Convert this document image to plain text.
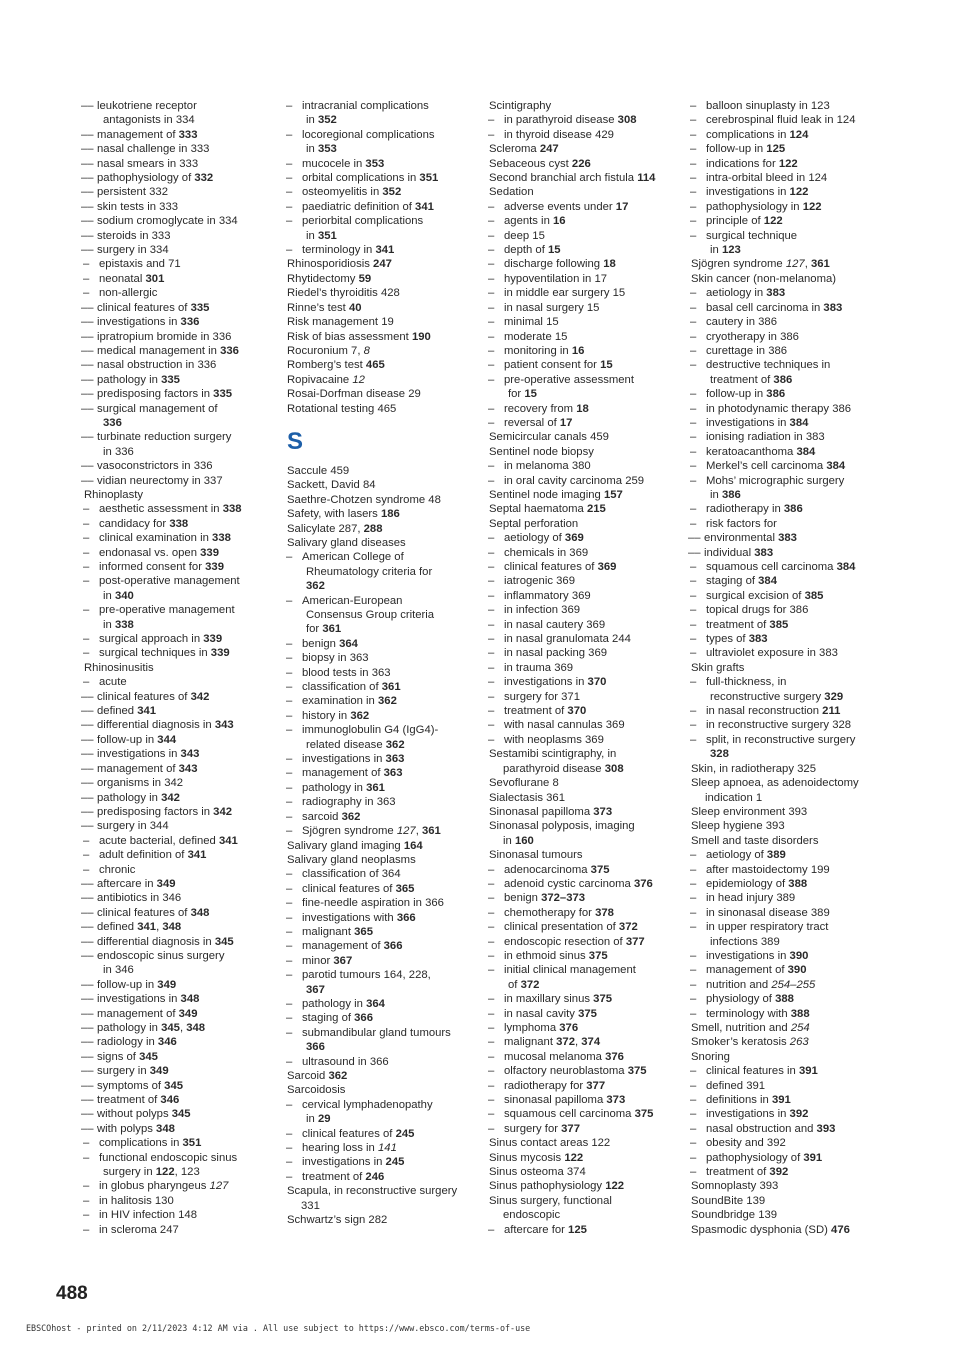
–– leukotriene receptor
antagonists in 334
–– management of 333
–– nasal challenge in 333
–– nasal smears in 333
–– pathophysiology of 332
–– persistent 332
–– skin tests in 333
–– sodium cromoglycate in 334
–– steroids in 333
–– surgery in 334
– epistaxis and 71
– neonatal 301
– non-allergic
–– clinical features of 335
–– investigations in 336
–– ipratropium bromide in 336
–– medical management in 336
–– nasal obstruction in 336
–– pathology in 335
–– predisposing factors in 335
–– surgical management of
336
–– turbinate reduction surgery
in 336
–– vasoconstrictors in 336
–– vidian neurectomy in 337
Rhinoplasty
– aesthetic assessment in 338
– candidacy for 338
– clinical examination in 338
– endonasal vs. open 339
– informed consent for 339
– post-operative management
in 340
– pre-operative management
in 338
– surgical approach in 339
– surgical techniques in 339
Rhinosinusitis
– acute
–– clinical features of 342
–– defined 341
–– differential diagnosis in 343
–– follow-up in 344
–– investigations in 343
–– management of 343
–– organisms in 342
–– pathology in 342
–– predisposing factors in 342
–– surgery in 344
– acute bacterial, defined 341
– adult definition of 341
– chronic
–– aftercare in 349
–– antibiotics in 346
–– clinical features of 348
–– defined 341, 348
–– differential diagnosis in 345
–– endoscopic sinus surgery
in 346
–– follow-up in 349
–– investigations in 348
–– management of 349
–– pathology in 345, 348
–– radiology in 346
–– signs of 345
–– surgery in 349
–– symptoms of 345
–– treatment of 346
–– without polyps 345
–– with polyps 348
– complications in 351
– functional endoscopic sinus
surgery in 122, 123
– in globus pharyngeus 127
– in halitosis 130
– in HIV infection 148
– in scleroma 247
– intracranial complications
in 352
– locoregional complications
in 353
– mucocele in 353
– orbital complications in 351
– osteomyelitis in 352
– paediatric definition of 341
– periorbital complications
in 351
– terminology in 341
Rhinosporidiosis 247
Rhytidectomy 59
Riedel’s thyroiditis 428
Rinne’s test 40
Risk management 19
Risk of bias assessment 190
Rocuronium 7, 8
Romberg’s test 465
Ropivacaine 12
Rosai-Dorfman disease 29
Rotational testing 465
S
Saccule 459
Sackett, David 84
Saethre-Chotzen syndrome 48
Safety, with lasers 186
Salicylate 287, 288
Salivary gland diseases
– American College of
Rheumatology criteria for
362
– American-European
Consensus Group criteria
for 361
– benign 364
– biopsy in 363
– blood tests in 363
– classification of 361
– examination in 362
– history in 362
– immunoglobulin G4 (IgG4)-
related disease 362
– investigations in 363
– management of 363
– pathology in 361
– radiography in 363
– sarcoid 362
– Sjögren syndrome 127, 361
Salivary gland imaging 164
Salivary gland neoplasms
– classification of 364
– clinical features of 365
– fine-needle aspiration in 366
– investigations with 366
– malignant 365
– management of 366
– minor 367
– parotid tumours 164, 228,
367
– pathology in 364
– staging of 366
– submandibular gland tumours
366
– ultrasound in 366
Sarcoid 362
Sarcoidosis
– cervical lymphadenopathy
in 29
– clinical features of 245
– hearing loss in 141
– investigations in 245
– treatment of 246
Scapula, in reconstructive surgery
331
Schwartz’s sign 282
Scintigraphy
– in parathyroid disease 308
– in thyroid disease 429
Scleroma 247
Sebaceous cyst 226
Second branchial arch fistula 114
Sedation
– adverse events under 17
– agents in 16
– deep 15
– depth of 15
– discharge following 18
– hypoventilation in 17
– in middle ear surgery 15
– in nasal surgery 15
– minimal 15
– moderate 15
– monitoring in 16
– patient consent for 15
– pre-operative assessment
for 15
– recovery from 18
– reversal of 17
Semicircular canals 459
Sentinel node biopsy
– in melanoma 380
– in oral cavity carcinoma 259
Sentinel node imaging 157
Septal haematoma 215
Septal perforation
– aetiology of 369
– chemicals in 369
– clinical features of 369
– iatrogenic 369
– inflammatory 369
– in infection 369
– in nasal cautery 369
– in nasal granulomata 244
– in nasal packing 369
– in trauma 369
– investigations in 370
– surgery for 371
– treatment of 370
– with nasal cannulas 369
– with neoplasms 369
Sestamibi scintigraphy, in
parathyroid disease 308
Sevoflurane 8
Sialectasis 361
Sinonasal papilloma 373
Sinonasal polyposis, imaging
in 160
Sinonasal tumours
– adenocarcinoma 375
– adenoid cystic carcinoma 376
– benign 372–373
– chemotherapy for 378
– clinical presentation of 372
– endoscopic resection of 377
– in ethmoid sinus 375
– initial clinical management
of 372
– in maxillary sinus 375
– in nasal cavity 375
– lymphoma 376
– malignant 372, 374
– mucosal melanoma 376
– olfactory neuroblastoma 375
– radiotherapy for 377
– sinonasal papilloma 373
– squamous cell carcinoma 375
– surgery for 377
Sinus contact areas 122
Sinus mycosis 122
Sinus osteoma 374
Sinus pathophysiology 122
Sinus surgery, functional
endoscopic
– aftercare for 125
– balloon sinuplasty in 123
– cerebrospinal fluid leak in 124
– complications in 124
– follow-up in 125
– indications for 122
– intra-orbital bleed in 124
– investigations in 122
– pathophysiology in 122
– principle of 122
– surgical technique
in 123
Sjögren syndrome 127, 361
Skin cancer (non-melanoma)
– aetiology in 383
– basal cell carcinoma in 383
– cautery in 386
– cryotherapy in 386
– curettage in 386
– destructive techniques in
treatment of 386
– follow-up in 386
– in photodynamic therapy 386
– investigations in 384
– ionising radiation in 383
– keratoacanthoma 384
– Merkel’s cell carcinoma 384
– Mohs’ micrographic surgery
in 386
– radiotherapy in 386
– risk factors for
–– environmental 383
–– individual 383
– squamous cell carcinoma 384
– staging of 384
– surgical excision of 385
– topical drugs for 386
– treatment of 385
– types of 383
– ultraviolet exposure in 383
Skin grafts
– full-thickness, in
reconstructive surgery 329
– in nasal reconstruction 211
– in reconstructive surgery 328
– split, in reconstructive surgery
328
Skin, in radiotherapy 325
Sleep apnoea, as adenoidectomy
indication 1
Sleep environment 393
Sleep hygiene 393
Smell and taste disorders
– aetiology of 389
– after mastoidectomy 199
– epidemiology of 388
– in head injury 389
– in sinonasal disease 389
– in upper respiratory tract
infections 389
– investigations in 390
– management of 390
– nutrition and 254–255
– physiology of 388
– terminology with 388
Smell, nutrition and 254
Smoker’s keratosis 263
Snoring
– clinical features in 391
– defined 391
– definitions in 391
– investigations in 392
– nasal obstruction and 393
– obesity and 392
– pathophysiology of 391
– treatment of 392
Somnoplasty 393
SoundBite 139
Soundbridge 139
Spasmodic dysphonia (SD) 476
488
EBSCOhost - printed on 2/11/2023 4:12 AM via . All use subject to https://www.ebsco.com/terms-of-use
